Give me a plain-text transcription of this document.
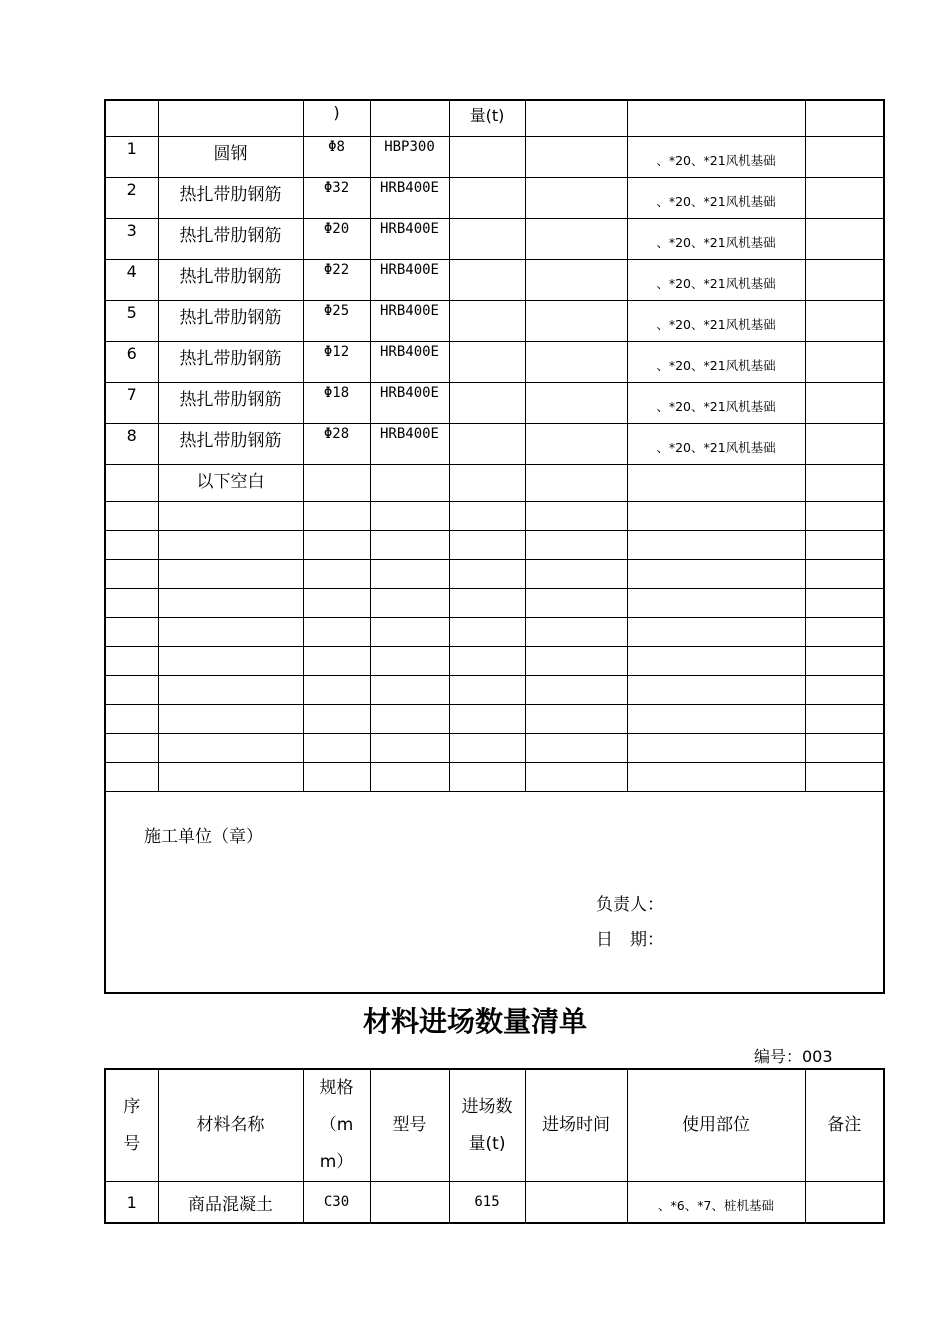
		)		量(t)			
1	圆钢	Φ8	HBP300			、*20、*21风机基础	
2	热扎带肋钢筋	Φ32	HRB400E			、*20、*21风机基础	
3	热扎带肋钢筋	Φ20	HRB400E			、*20、*21风机基础	
4	热扎带肋钢筋	Φ22	HRB400E			、*20、*21风机基础	
5	热扎带肋钢筋	Φ25	HRB400E			、*20、*21风机基础	
6	热扎带肋钢筋	Φ12	HRB400E			、*20、*21风机基础	
7	热扎带肋钢筋	Φ18	HRB400E			、*20、*21风机基础	
8	热扎带肋钢筋	Φ28	HRB400E			、*20、*21风机基础	
	以下空白						

施工单位（章）
负责人：
日　期：							
材料进场数量清单
编号：003
序号	材料名称	规格（mm）	型号	进场数量(t)	进场时间	使用部位	备注
1	商品混凝土	C30		615		、*6、*7、桩机基础	
